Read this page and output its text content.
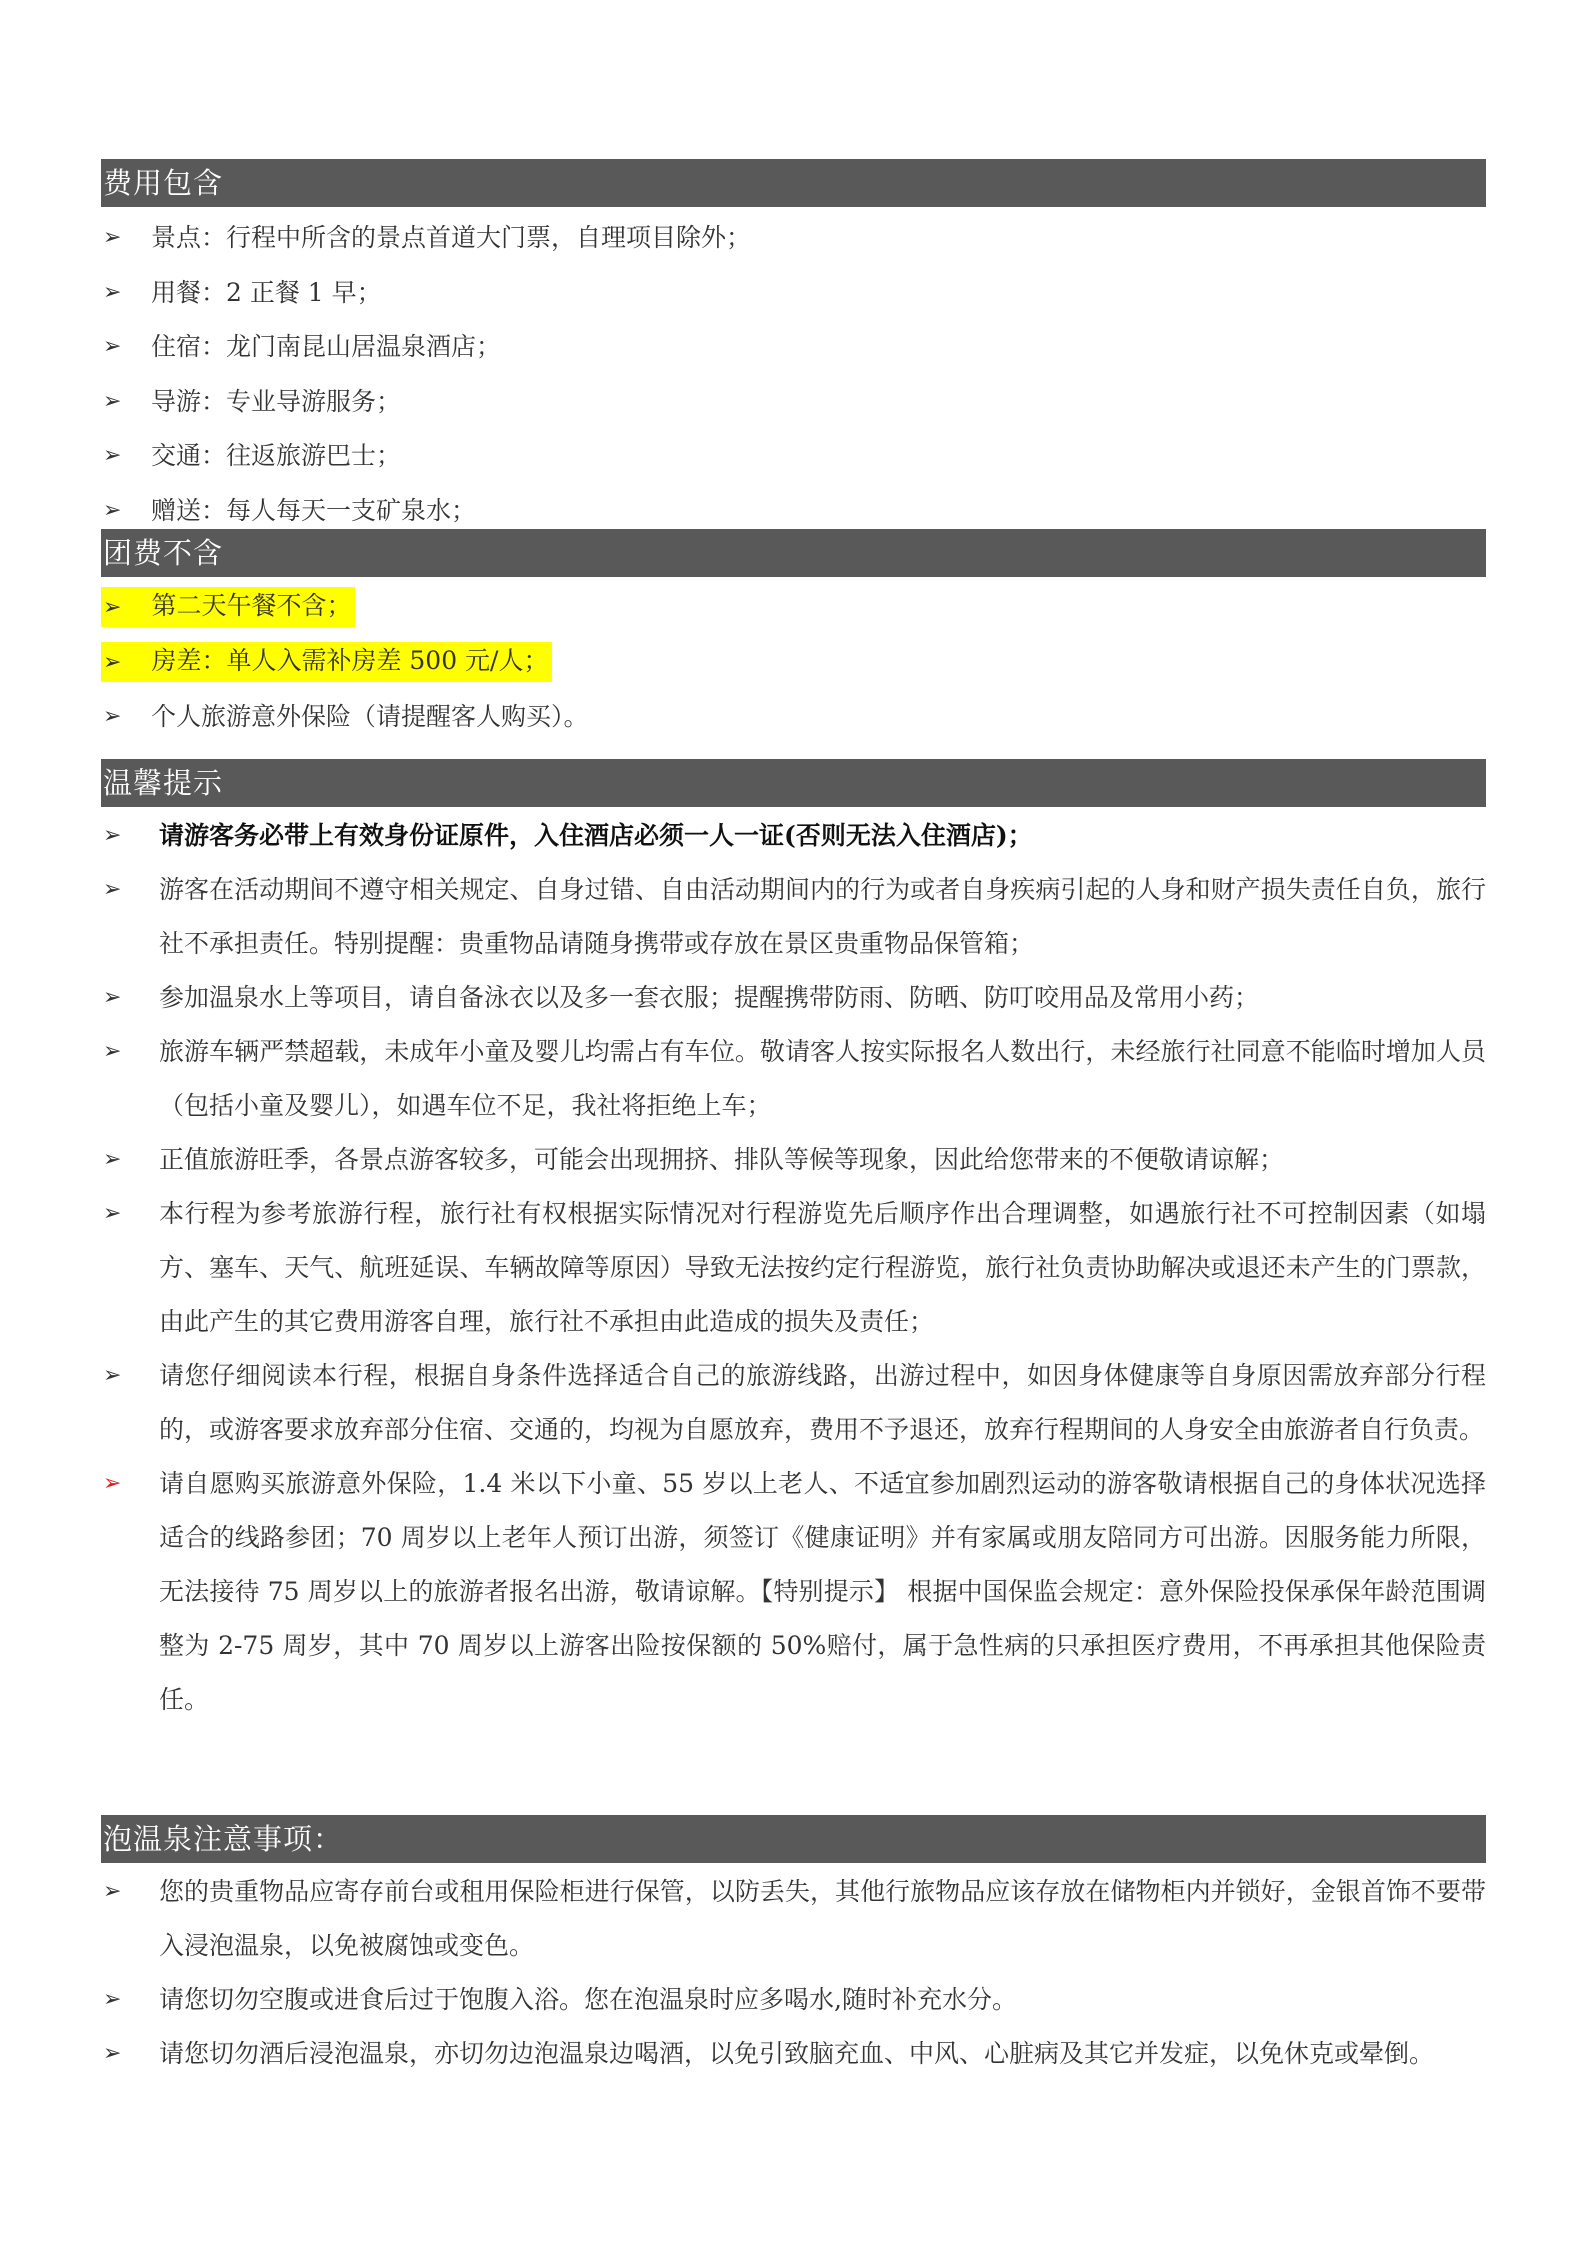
费用包含
➢ 景点：行程中所含的景点首道大门票，自理项目除外；
➢ 用餐：2 正餐 1 早；
➢ 住宿：龙门南昆山居温泉酒店；
➢ 导游：专业导游服务；
➢ 交通：往返旅游巴士；
➢ 赠送：每人每天一支矿泉水；
团费不含
➢ 第二天午餐不含；
➢ 房差：单人入需补房差 500 元/人；
➢ 个人旅游意外保险（请提醒客人购买）。
温馨提示
➢ 请游客务必带上有效身份证原件，入住酒店必须一人一证(否则无法入住酒店)；
➢ 游客在活动期间不遵守相关规定、自身过错、自由活动期间内的行为或者自身疾病引起的人身和财产损失责任自负，旅行社不承担责任。特别提醒：贵重物品请随身携带或存放在景区贵重物品保管箱；
➢ 参加温泉水上等项目，请自备泳衣以及多一套衣服；提醒携带防雨、防晒、防叮咬用品及常用小药；
➢ 旅游车辆严禁超载，未成年小童及婴儿均需占有车位。敬请客人按实际报名人数出行，未经旅行社同意不能临时增加人员（包括小童及婴儿），如遇车位不足，我社将拒绝上车；
➢ 正值旅游旺季，各景点游客较多，可能会出现拥挤、排队等候等现象，因此给您带来的不便敬请谅解；
➢ 本行程为参考旅游行程，旅行社有权根据实际情况对行程游览先后顺序作出合理调整，如遇旅行社不可控制因素（如塌方、塞车、天气、航班延误、车辆故障等原因）导致无法按约定行程游览，旅行社负责协助解决或退还未产生的门票款，由此产生的其它费用游客自理，旅行社不承担由此造成的损失及责任；
➢ 请您仔细阅读本行程，根据自身条件选择适合自己的旅游线路，出游过程中，如因身体健康等自身原因需放弃部分行程的，或游客要求放弃部分住宿、交通的，均视为自愿放弃，费用不予退还，放弃行程期间的人身安全由旅游者自行负责。
➢ 请自愿购买旅游意外保险，1.4 米以下小童、55 岁以上老人、不适宜参加剧烈运动的游客敬请根据自己的身体状况选择适合的线路参团；70 周岁以上老年人预订出游，须签订《健康证明》并有家属或朋友陪同方可出游。因服务能力所限，无法接待 75 周岁以上的旅游者报名出游，敬请谅解。【特别提示】 根据中国保监会规定：意外保险投保承保年龄范围调整为 2-75 周岁，其中 70 周岁以上游客出险按保额的 50%赔付，属于急性病的只承担医疗费用，不再承担其他保险责任。
泡温泉注意事项：
➢ 您的贵重物品应寄存前台或租用保险柜进行保管，以防丢失，其他行旅物品应该存放在储物柜内并锁好，金银首饰不要带入浸泡温泉，以免被腐蚀或变色。
➢ 请您切勿空腹或进食后过于饱腹入浴。您在泡温泉时应多喝水,随时补充水分。
➢ 请您切勿酒后浸泡温泉，亦切勿边泡温泉边喝酒，以免引致脑充血、中风、心脏病及其它并发症，以免休克或晕倒。
